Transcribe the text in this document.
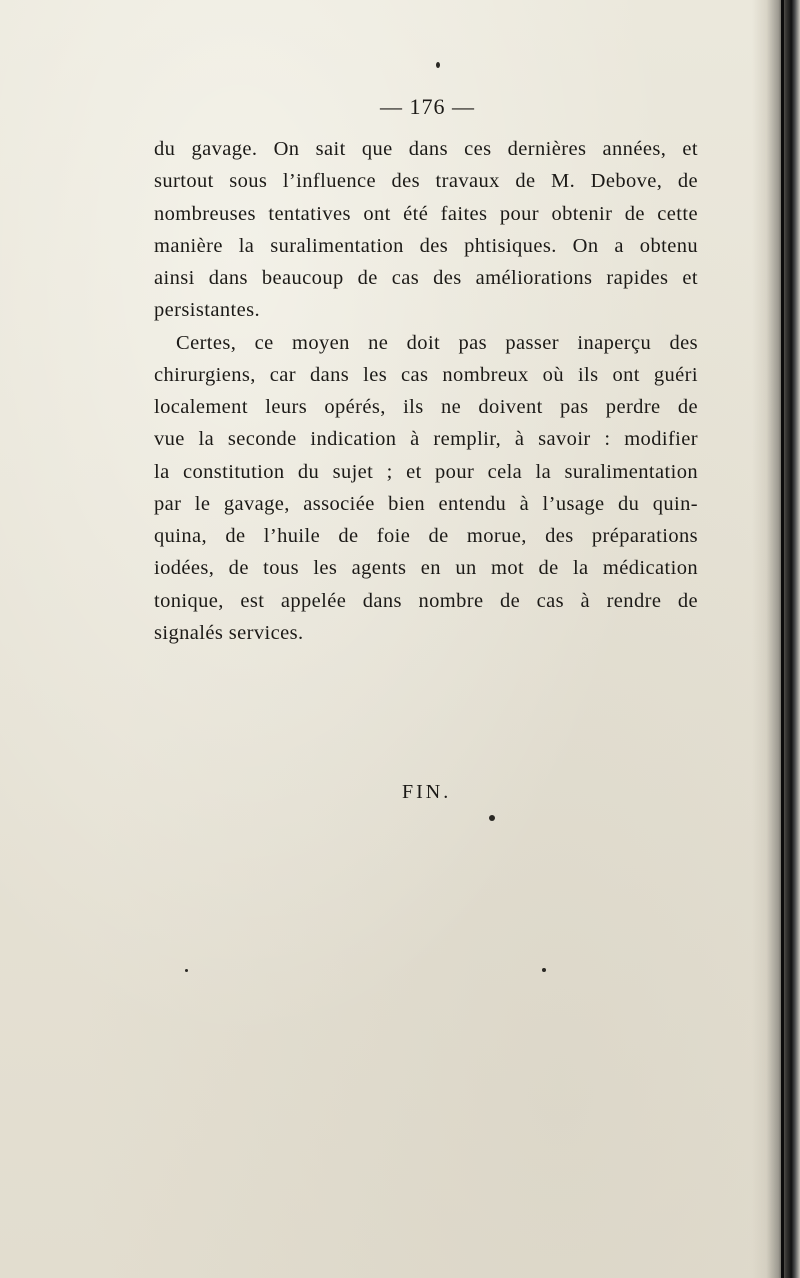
— 176 —
du gavage. On sait que dans ces dernières années, et
surtout sous l’influence des travaux de M. Debove, de
nombreuses tentatives ont été faites pour obtenir de cette
manière la suralimentation des phtisiques. On a obtenu
ainsi dans beaucoup de cas des améliorations rapides et
persistantes.
Certes, ce moyen ne doit pas passer inaperçu des
chirurgiens, car dans les cas nombreux où ils ont guéri
localement leurs opérés, ils ne doivent pas perdre de
vue la seconde indication à remplir, à savoir : modifier
la constitution du sujet ; et pour cela la suralimentation
par le gavage, associée bien entendu à l’usage du quin-
quina, de l’huile de foie de morue, des préparations
iodées, de tous les agents en un mot de la médication
tonique, est appelée dans nombre de cas à rendre de
signalés services.
FIN.
